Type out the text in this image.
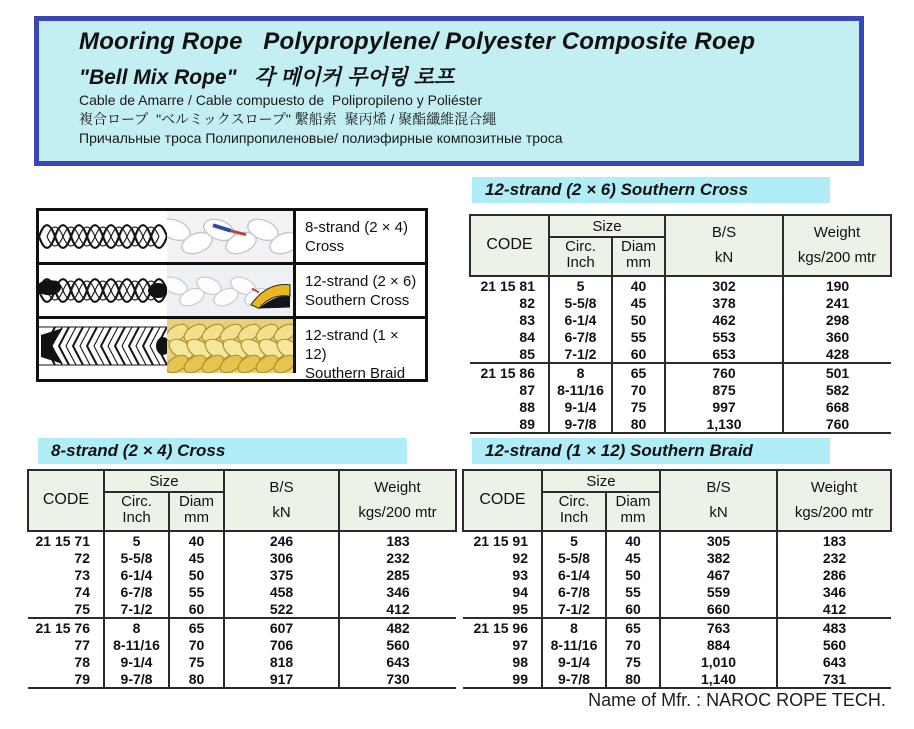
Mooring Rope   Polypropylene/ Polyester Composite Roep
"Bell Mix Rope"   각 메이커 무어링 로프
Cable de Amarre / Cable compuesto de  Polipropileno y Poliéster
複合ロープ  "ベルミックスロープ" 繫船索  聚丙烯 / 聚酯纖維混合繩
Причальные троса Полипропиленовые/ полиэфирные композитные троса
8-strand (2 × 4)
Cross
12-strand (2 × 6)
Southern Cross
12-strand (1 × 12)
Southern Braid
12-strand (2 × 6) Southern Cross
8-strand (2 × 4) Cross	12-strand (1 × 12) Southern Braid
CODE	Size	B/S
kN

Weight
kgs/200 mtr

Circ.
Inch

Diam
mm

21 15 81	5	40	302	190
82	5-5/8	45	378	241
83	6-1/4	50	462	298
84	6-7/8	55	553	360
85	7-1/2	60	653	428
21 15 86	8	65	760	501
87	8-11/16	70	875	582
88	9-1/4	75	997	668
89	9-7/8	80	1,130	760
CODE	Size	B/S
kN

Weight
kgs/200 mtr

Circ.
Inch

Diam
mm

21 15 71	5	40	246	183
72	5-5/8	45	306	232
73	6-1/4	50	375	285
74	6-7/8	55	458	346
75	7-1/2	60	522	412
21 15 76	8	65	607	482
77	8-11/16	70	706	560
78	9-1/4	75	818	643
79	9-7/8	80	917	730
CODE	Size	B/S
kN

Weight
kgs/200 mtr

Circ.
Inch

Diam
mm

21 15 91	5	40	305	183
92	5-5/8	45	382	232
93	6-1/4	50	467	286
94	6-7/8	55	559	346
95	7-1/2	60	660	412
21 15 96	8	65	763	483
97	8-11/16	70	884	560
98	9-1/4	75	1,010	643
99	9-7/8	80	1,140	731
Name of Mfr. : NAROC ROPE TECH.
